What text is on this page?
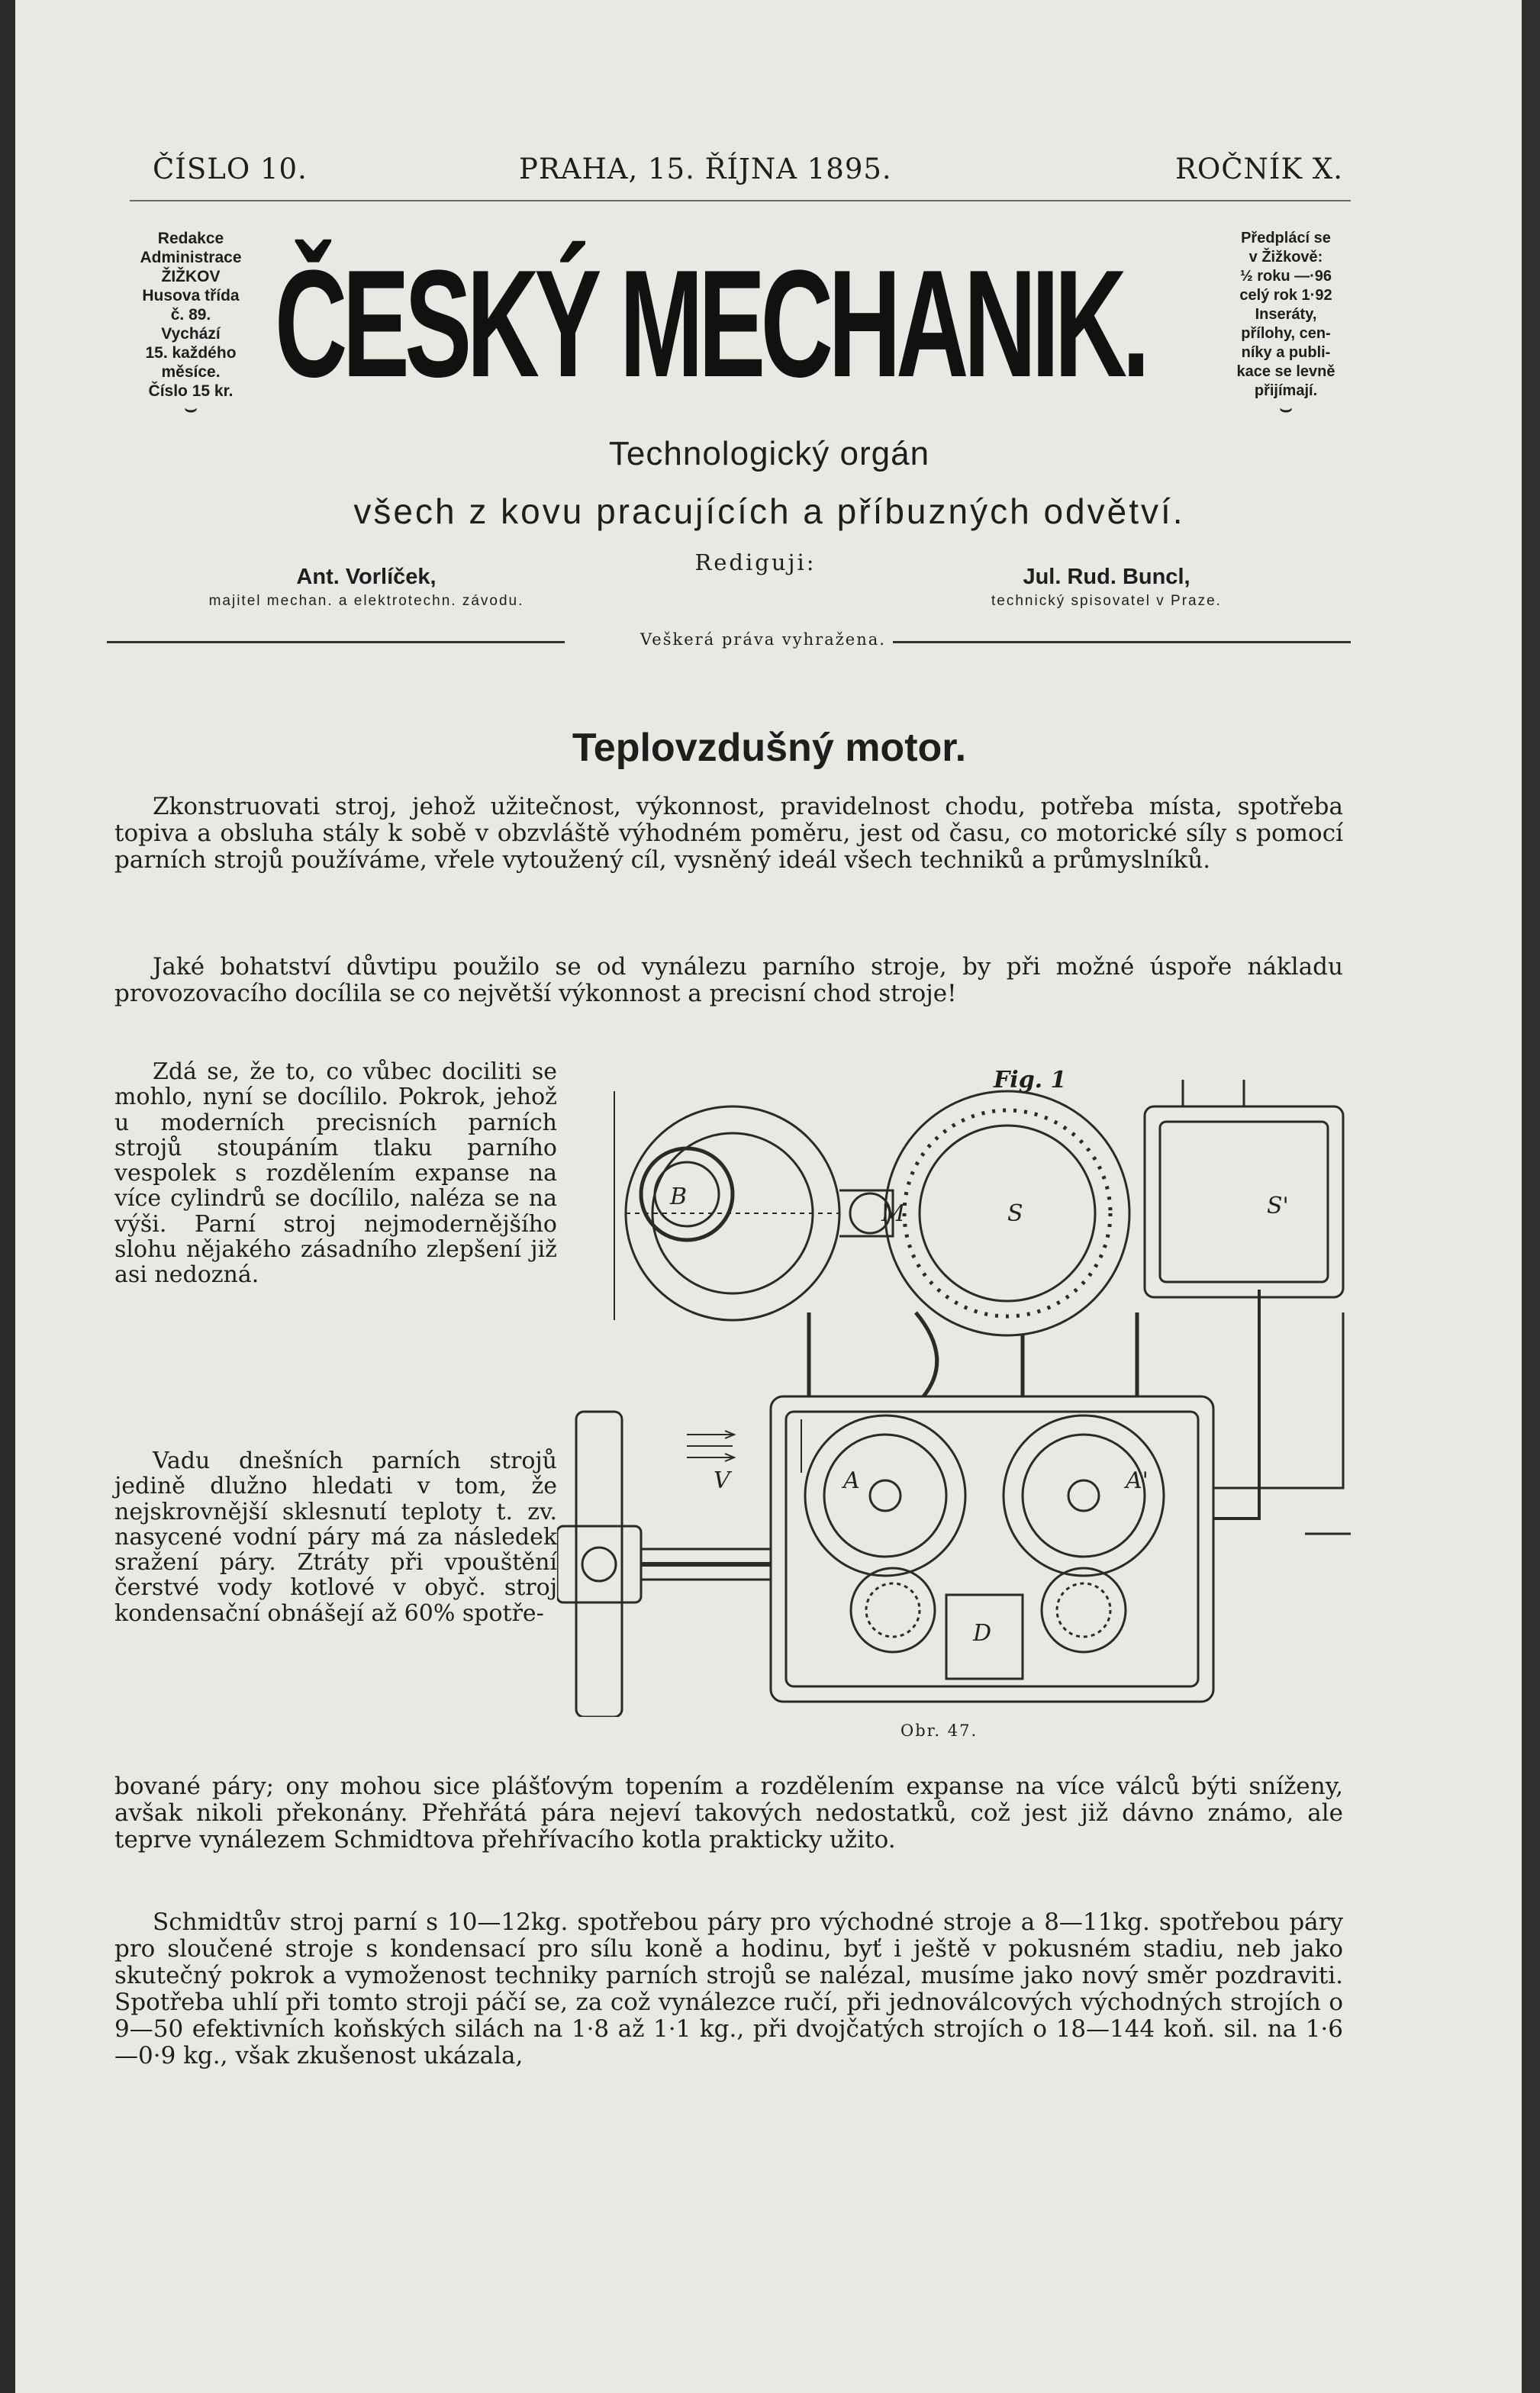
ČÍSLO 10.	PRAHA, 15. ŘÍJNA 1895.	ROČNÍK X.
Redakce
Administrace
ŽIŽKOV
Husova třída
č. 89.
Vychází
15. každého
měsíce.
Číslo 15 kr.
⌣ ČESKÝ MECHANIK.
Předplácí se
v Žižkově:
½ roku —·96
celý rok 1·92
Inseráty,
přílohy, cen-
níky a publi-
kace se levně
přijímají.
⌣
Technologický orgán
všech z kovu pracujících a příbuzných odvětví.
Rediguji:
Ant. Vorlíček,
majitel mechan. a elektrotechn. závodu.
Jul. Rud. Buncl,
technický spisovatel v Praze.
Veškerá práva vyhražena.
Teplovzdušný motor.
Zkonstruovati stroj, jehož užitečnost, výkonnost, pravidelnost chodu, potřeba místa, spotřeba topiva a obsluha stály k sobě v obzvláště výhodném poměru, jest od času, co motorické síly s pomocí parních strojů používáme, vřele vytoužený cíl, vysněný ideál všech techniků a průmyslníků.
Jaké bohatství důvtipu použilo se od vynálezu parního stroje, by při možné úspoře nákladu provozovacího docílila se co největší výkonnost a precisní chod stroje!
Zdá se, že to, co vůbec dociliti se mohlo, nyní se docílilo. Pokrok, jehož u moderních precisních parních strojů stoupáním tlaku parního vespolek s rozdělením expanse na více cylindrů se docílilo, naléza se na výši. Parní stroj nejmodernějšího slohu nějakého zásadního zlepšení již asi nedozná.
Vadu dnešních parních strojů jedině dlužno hledati v tom, že nejskrovnější sklesnutí teploty t. zv. nasycené vodní páry má za následek sražení páry. Ztráty při vpouštění čerstvé vody kotlové v obyč. stroj kondensační obnášejí až 60% spotře-
bované páry; ony mohou sice plášťovým topením a rozdělením expanse na více válců býti sníženy, avšak nikoli překonány. Přehřátá pára nejeví takových nedostatků, což jest již dávno známo, ale teprve vynálezem Schmidtova přehřívacího kotla prakticky užito.
Schmidtův stroj parní s 10—12kg. spotřebou páry pro východné stroje a 8—11kg. spotřebou páry pro sloučené stroje s kondensací pro sílu koně a hodinu, byť i ještě v pokusném stadiu, neb jako skutečný pokrok a vymoženost techniky parních strojů se nalézal, musíme jako nový směr pozdraviti. Spotřeba uhlí při tomto stroji páčí se, za což vynálezce ručí, při jednoválcových východných strojích o 9—50 efektivních koňských silách na 1·8 až 1·1 kg., při dvojčatých strojích o 18—144 koň. sil. na 1·6—0·9 kg., však zkušenost ukázala,
Fig. 1
B
M	S	S'
A	A'
V
D
Obr. 47.
